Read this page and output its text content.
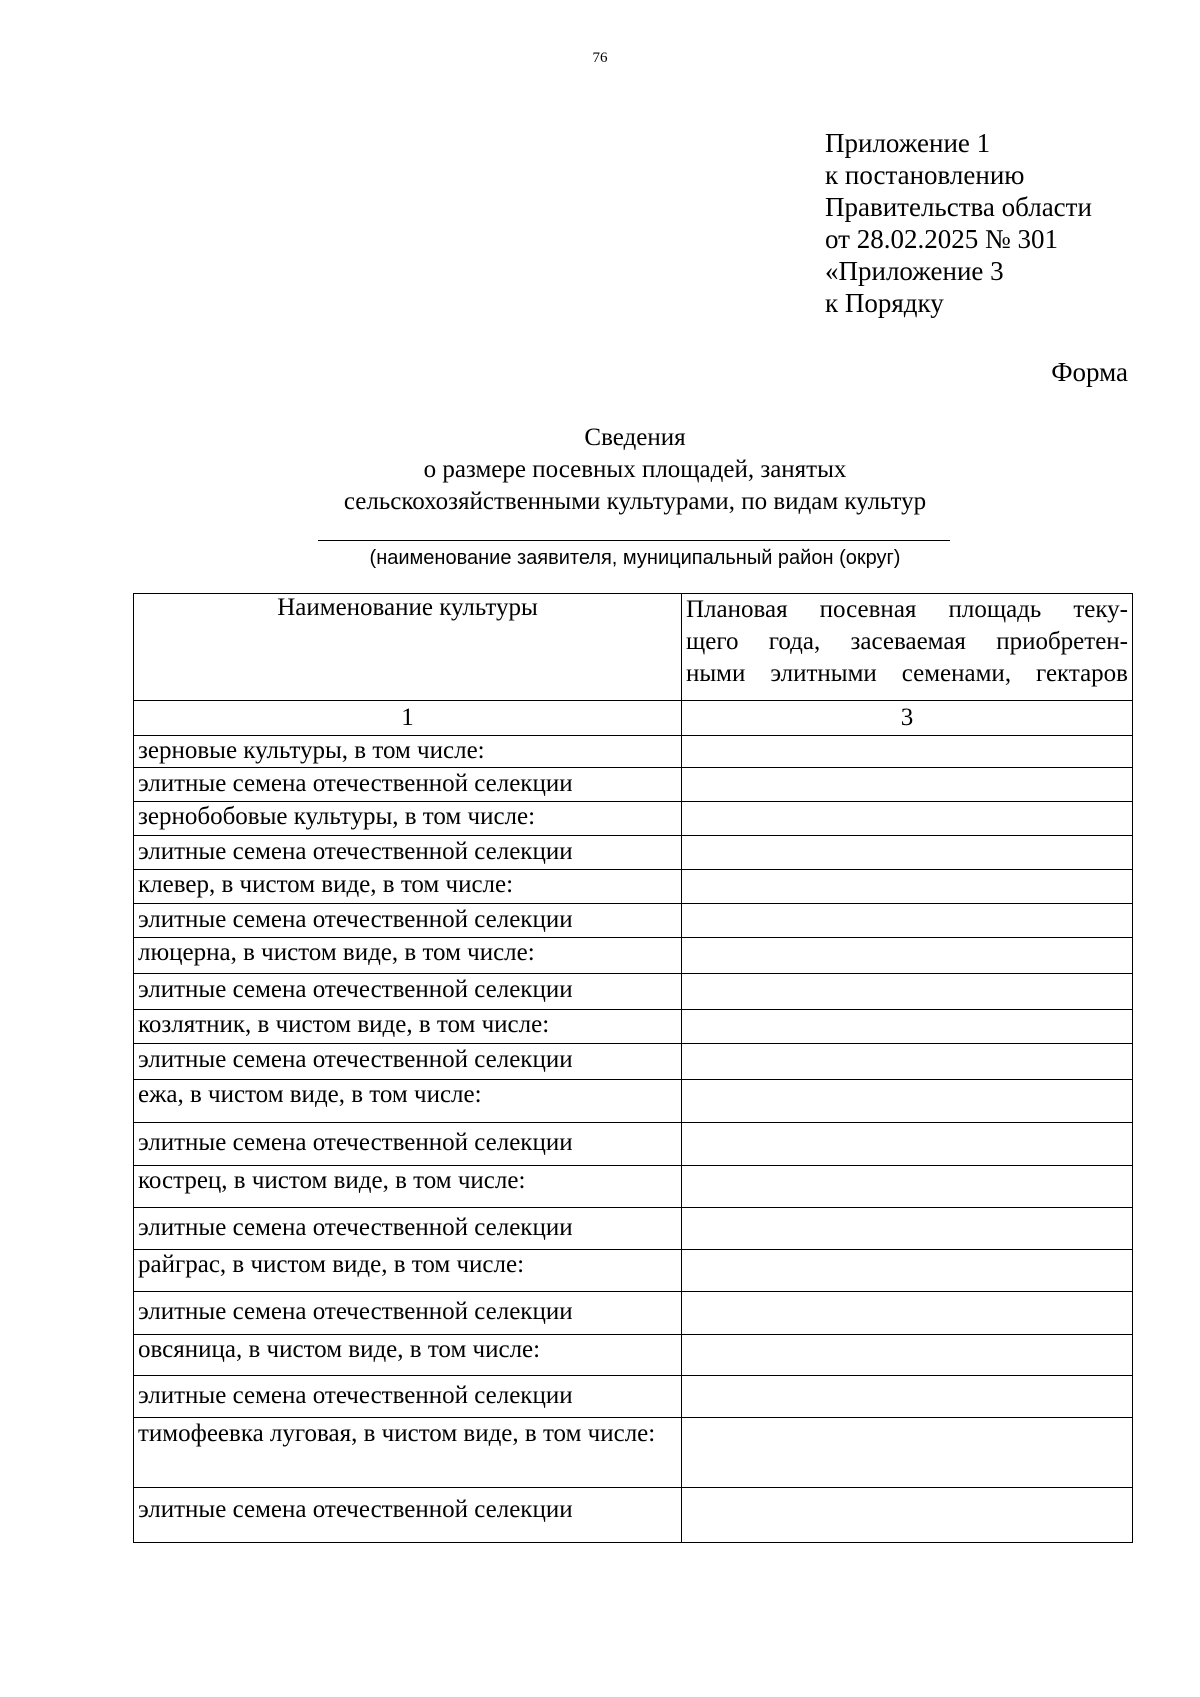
76
Приложение 1
к постановлению
Правительства области
от 28.02.2025 № 301
«Приложение 3
к Порядку
Форма
Сведения
о размере посевных площадей, занятых
сельскохозяйственными культурами, по видам культур
(наименование заявителя, муниципальный район (округ)
Наименование культуры	Плановая посевная площадь теку-
щего года, засеваемая приобретен-
ными элитными семенами, гектаров

1	3
зерновые культуры, в том числе:	
элитные семена отечественной селекции	
зернобобовые культуры, в том числе:	
элитные семена отечественной селекции	
клевер, в чистом виде, в том числе:	
элитные семена отечественной селекции	
люцерна, в чистом виде, в том числе:	
элитные семена отечественной селекции	
козлятник, в чистом виде, в том числе:	
элитные семена отечественной селекции	
ежа, в чистом виде, в том числе:	
элитные семена отечественной селекции	
кострец, в чистом виде, в том числе:	
элитные семена отечественной селекции	
райграс, в чистом виде, в том числе:	
элитные семена отечественной селекции	
овсяница, в чистом виде, в том числе:	
элитные семена отечественной селекции	
тимофеевка луговая, в чистом виде, в том числе:	
элитные семена отечественной селекции	
